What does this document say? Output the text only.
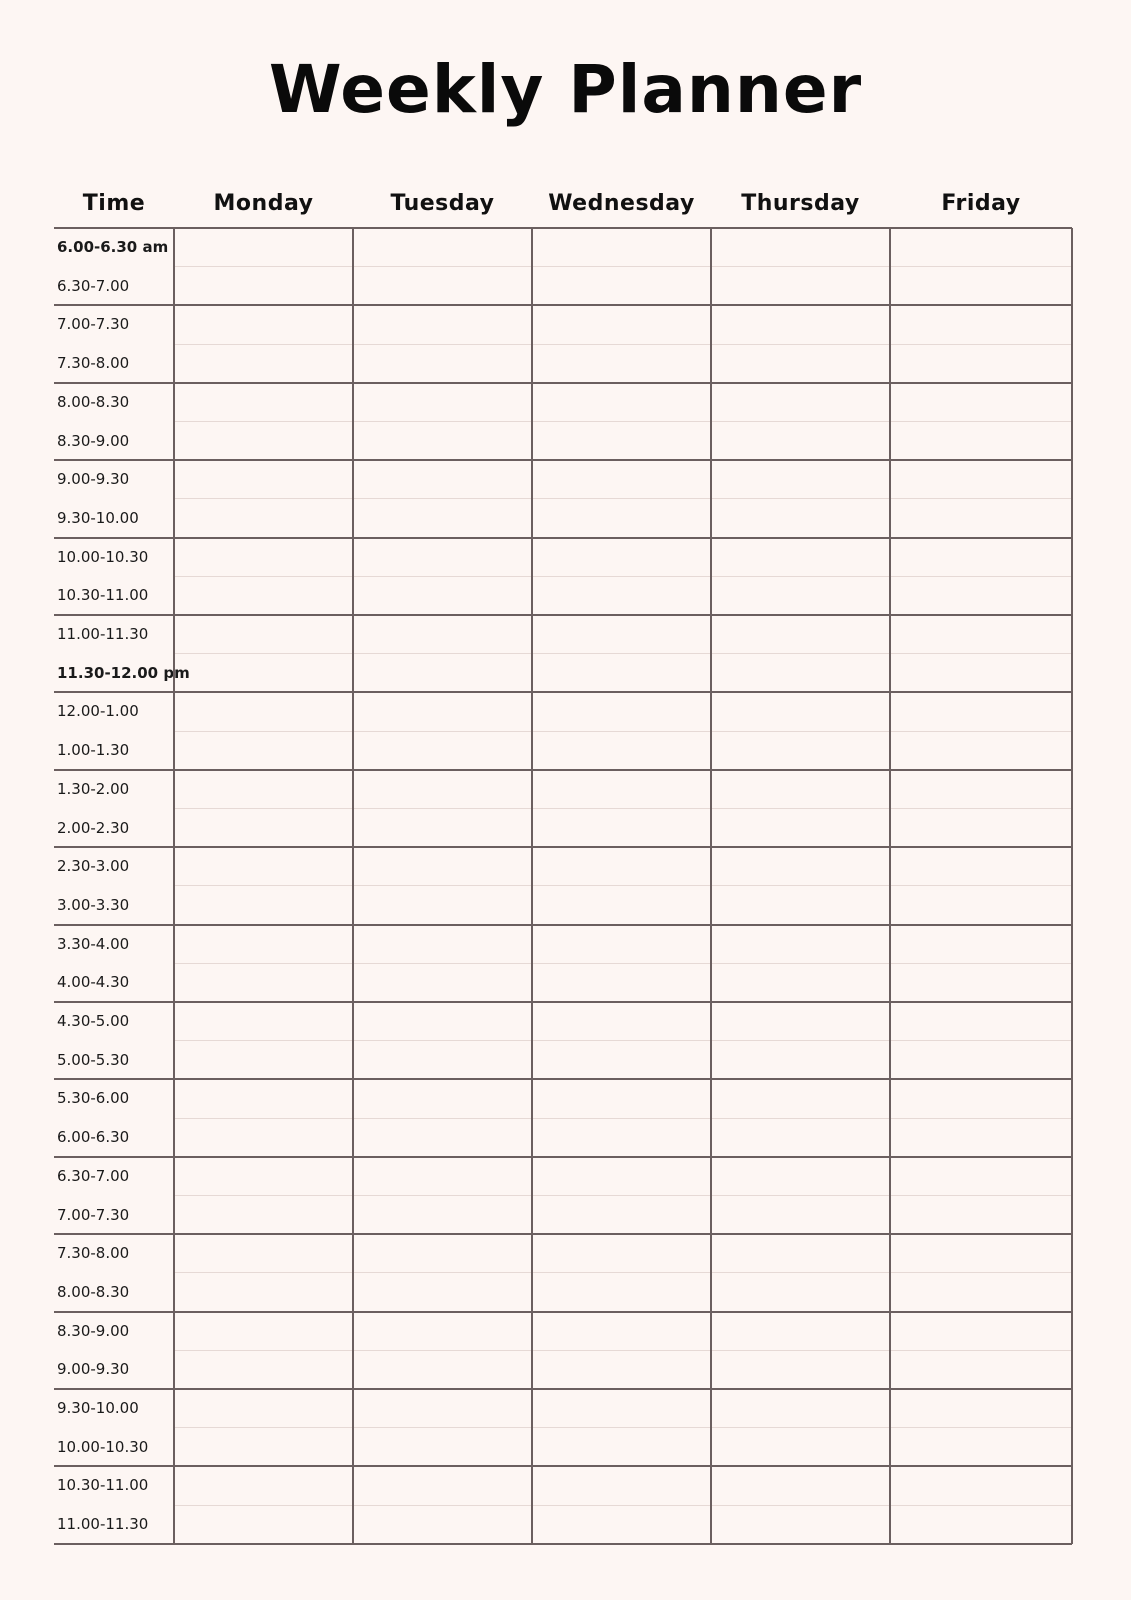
Weekly Planner
Time	Monday	Tuesday	Wednesday	Thursday	Friday
6.00-6.30 am
6.30-7.00
7.00-7.30
7.30-8.00
8.00-8.30
8.30-9.00
9.00-9.30
9.30-10.00
10.00-10.30
10.30-11.00
11.00-11.30
11.30-12.00 pm
12.00-1.00
1.00-1.30
1.30-2.00
2.00-2.30
2.30-3.00
3.00-3.30
3.30-4.00
4.00-4.30
4.30-5.00
5.00-5.30
5.30-6.00
6.00-6.30
6.30-7.00
7.00-7.30
7.30-8.00
8.00-8.30
8.30-9.00
9.00-9.30
9.30-10.00
10.00-10.30
10.30-11.00
11.00-11.30
